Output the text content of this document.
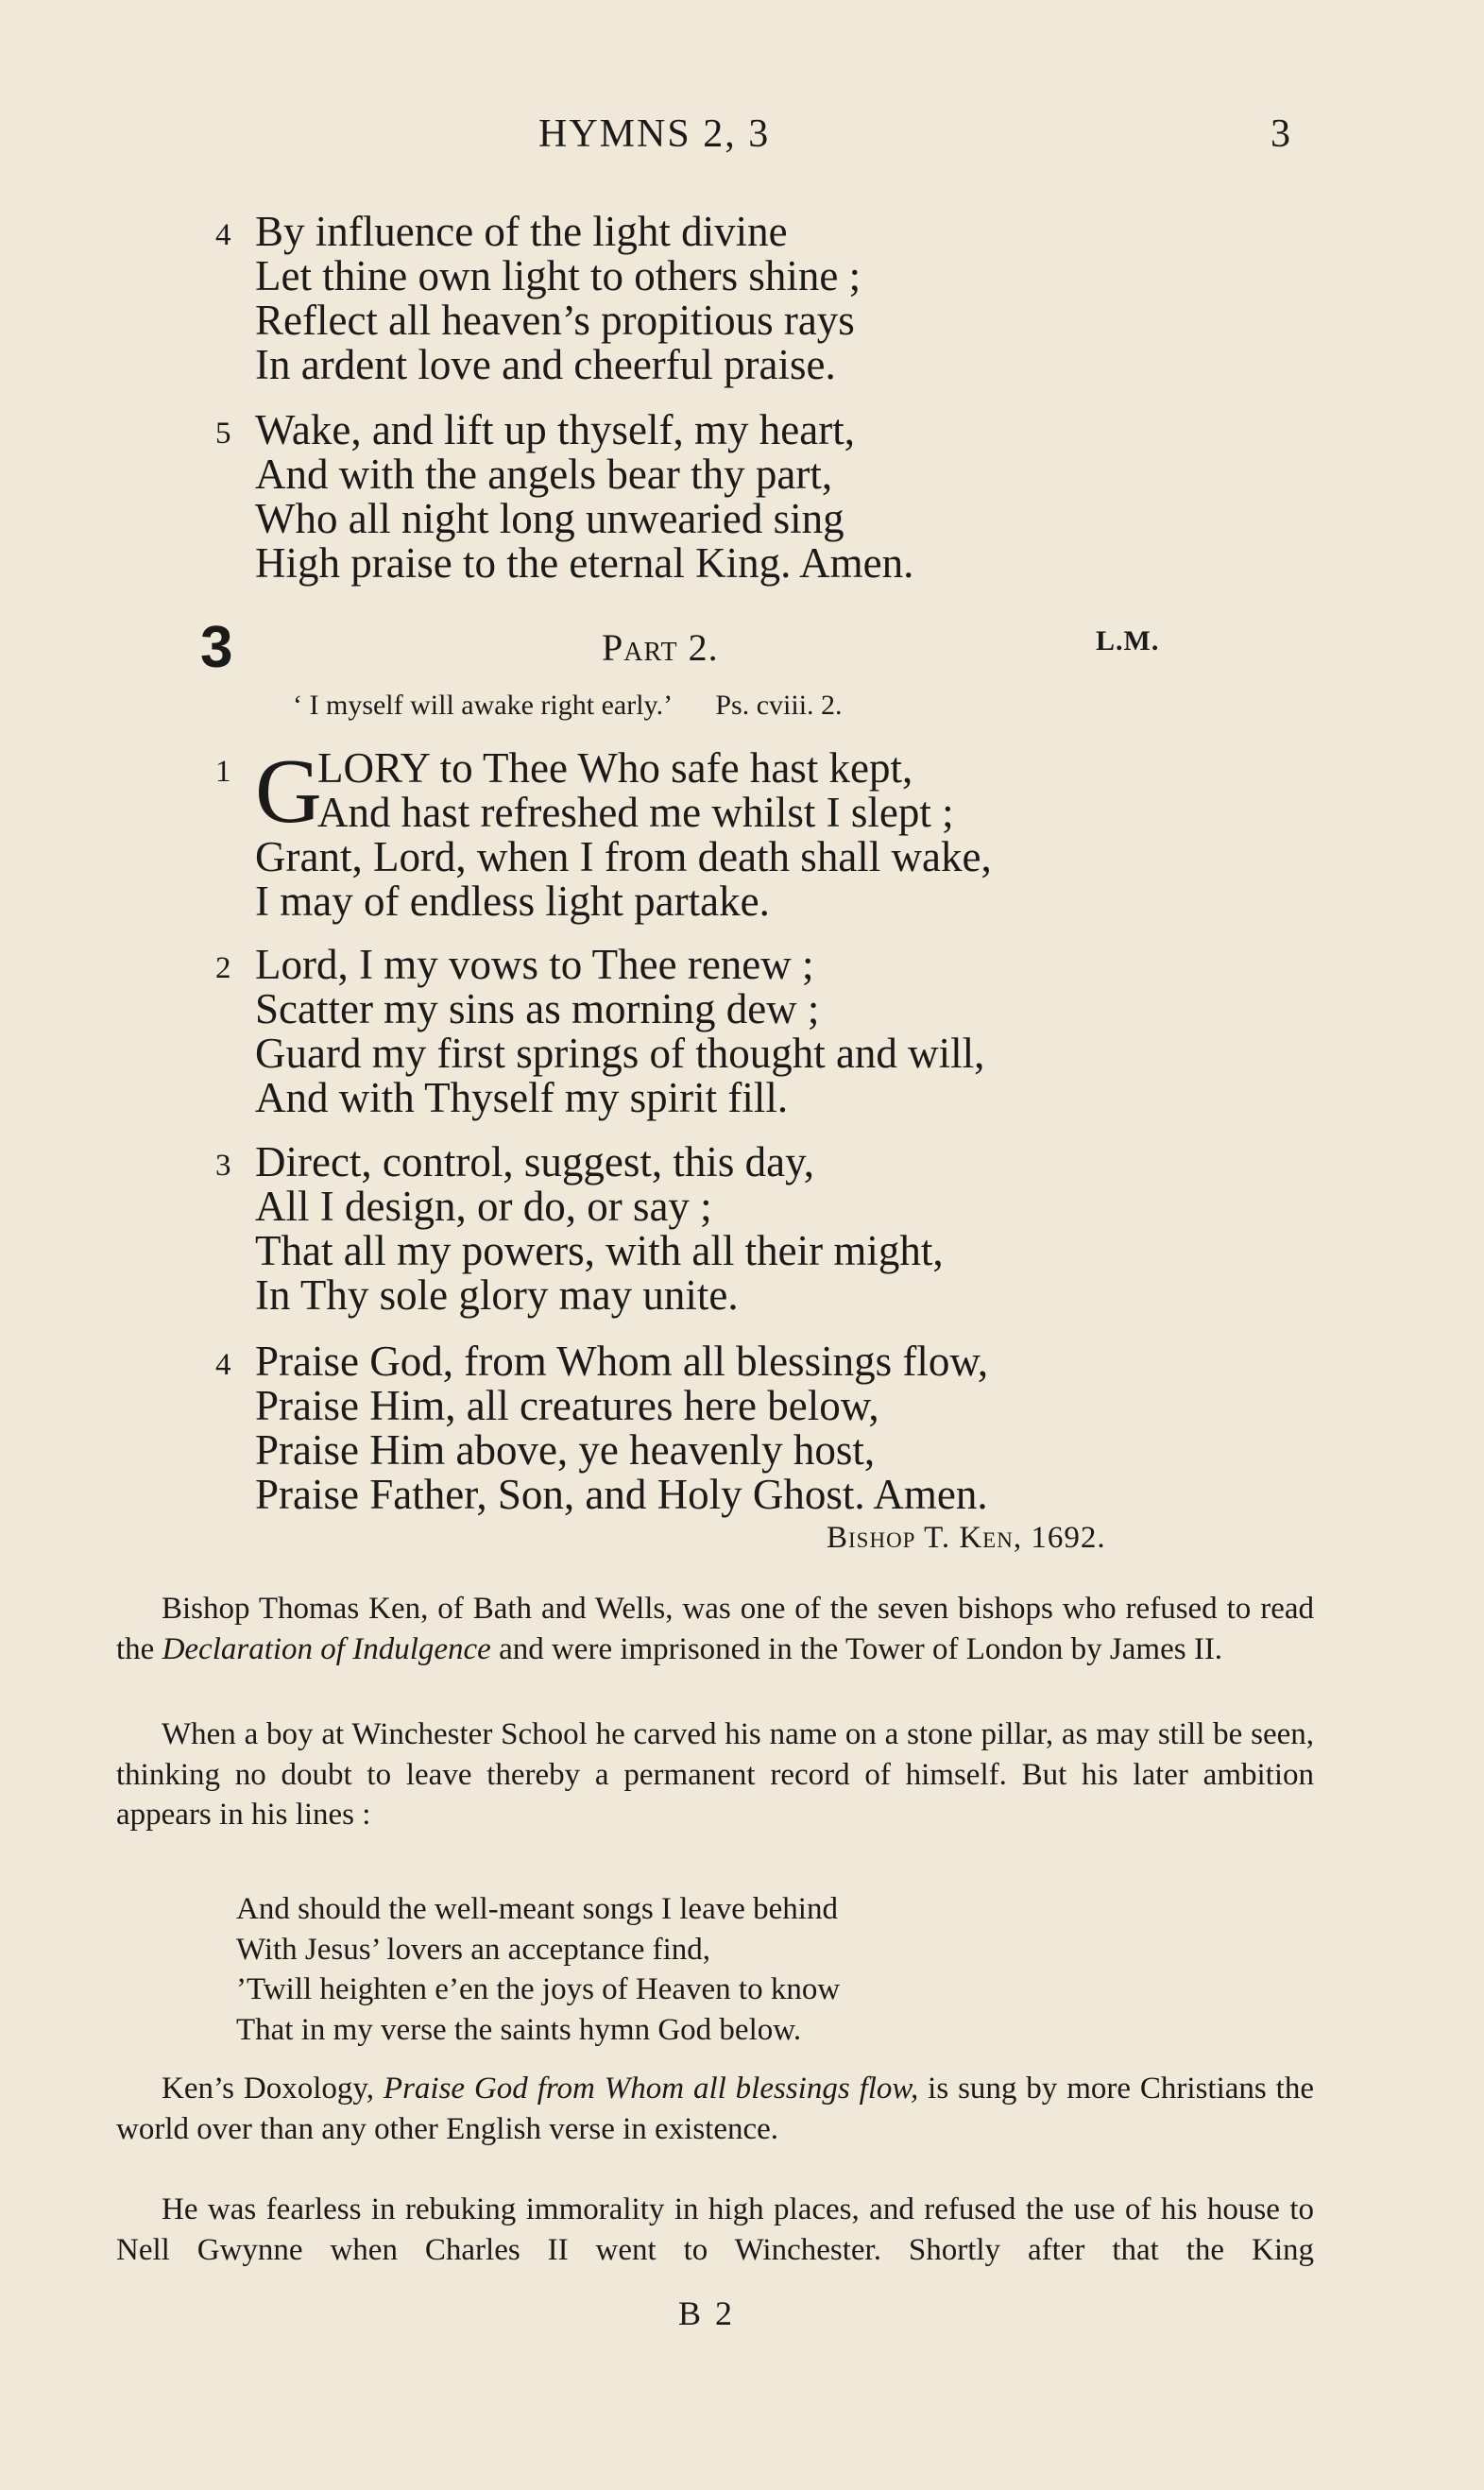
HYMNS 2, 3	3
4 By influence of the light divine
Let thine own light to others shine ;
Reflect all heaven’s propitious rays
In ardent love and cheerful praise.
5 Wake, and lift up thyself, my heart,
And with the angels bear thy part,
Who all night long unwearied sing
High praise to the eternal King. Amen.
3	Part 2.	L.M.
‘ I myself will awake right early.’ Ps. cviii. 2.
1 G
LORY to Thee Who safe hast kept,
And hast refreshed me whilst I slept ;
Grant, Lord, when I from death shall wake,
I may of endless light partake.
2 Lord, I my vows to Thee renew ;
Scatter my sins as morning dew ;
Guard my first springs of thought and will,
And with Thyself my spirit fill.
3 Direct, control, suggest, this day,
All I design, or do, or say ;
That all my powers, with all their might,
In Thy sole glory may unite.
4 Praise God, from Whom all blessings flow,
Praise Him, all creatures here below,
Praise Him above, ye heavenly host,
Praise Father, Son, and Holy Ghost. Amen.
Bishop T. Ken, 1692.

Bishop Thomas Ken, of Bath and Wells, was one of the seven bishops who refused to read the Declaration of Indulgence and were imprisoned in the Tower of London by James II.

When a boy at Winchester School he carved his name on a stone pillar, as may still be seen, thinking no doubt to leave thereby a permanent record of himself. But his later ambition appears in his lines :

And should the well-meant songs I leave behind
With Jesus’ lovers an acceptance find,
’Twill heighten e’en the joys of Heaven to know
That in my verse the saints hymn God below.

Ken’s Doxology, Praise God from Whom all blessings flow, is sung by more Christians the world over than any other English verse in existence.

He was fearless in rebuking immorality in high places, and refused the use of his house to Nell Gwynne when Charles II went to Winchester. Shortly after that the King

B 2
